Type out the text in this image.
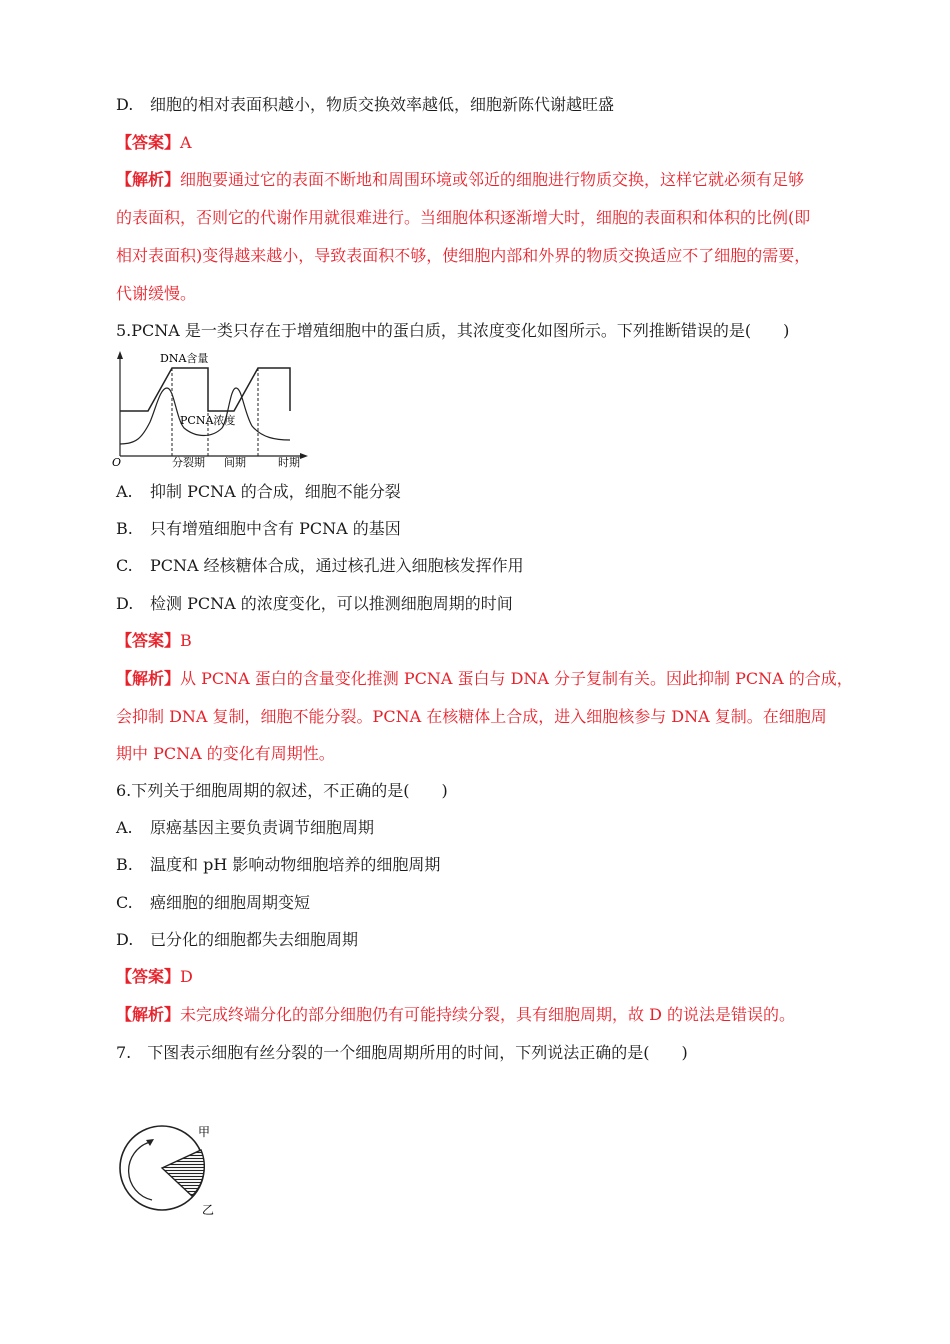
D. 细胞的相对表面积越小，物质交换效率越低，细胞新陈代谢越旺盛
【答案】A
【解析】细胞要通过它的表面不断地和周围环境或邻近的细胞进行物质交换，这样它就必须有足够
的表面积，否则它的代谢作用就很难进行。当细胞体积逐渐增大时，细胞的表面积和体积的比例(即
相对表面积)变得越来越小，导致表面积不够，使细胞内部和外界的物质交换适应不了细胞的需要，
代谢缓慢。
5.PCNA 是一类只存在于增殖细胞中的蛋白质，其浓度变化如图所示。下列推断错误的是(　　)
DNA含量
PCNA浓度
O	分裂期 间期	时期
A. 抑制 PCNA 的合成，细胞不能分裂
B. 只有增殖细胞中含有 PCNA 的基因
C. PCNA 经核糖体合成，通过核孔进入细胞核发挥作用
D. 检测 PCNA 的浓度变化，可以推测细胞周期的时间
【答案】B
【解析】从 PCNA 蛋白的含量变化推测 PCNA 蛋白与 DNA 分子复制有关。因此抑制 PCNA 的合成，
会抑制 DNA 复制，细胞不能分裂。PCNA 在核糖体上合成，进入细胞核参与 DNA 复制。在细胞周
期中 PCNA 的变化有周期性。
6.下列关于细胞周期的叙述，不正确的是(　　)
A. 原癌基因主要负责调节细胞周期
B. 温度和 pH 影响动物细胞培养的细胞周期
C. 癌细胞的细胞周期变短
D. 已分化的细胞都失去细胞周期
【答案】D
【解析】未完成终端分化的部分细胞仍有可能持续分裂，具有细胞周期，故 D 的说法是错误的。
7.　下图表示细胞有丝分裂的一个细胞周期所用的时间，下列说法正确的是(　　)
甲
乙
